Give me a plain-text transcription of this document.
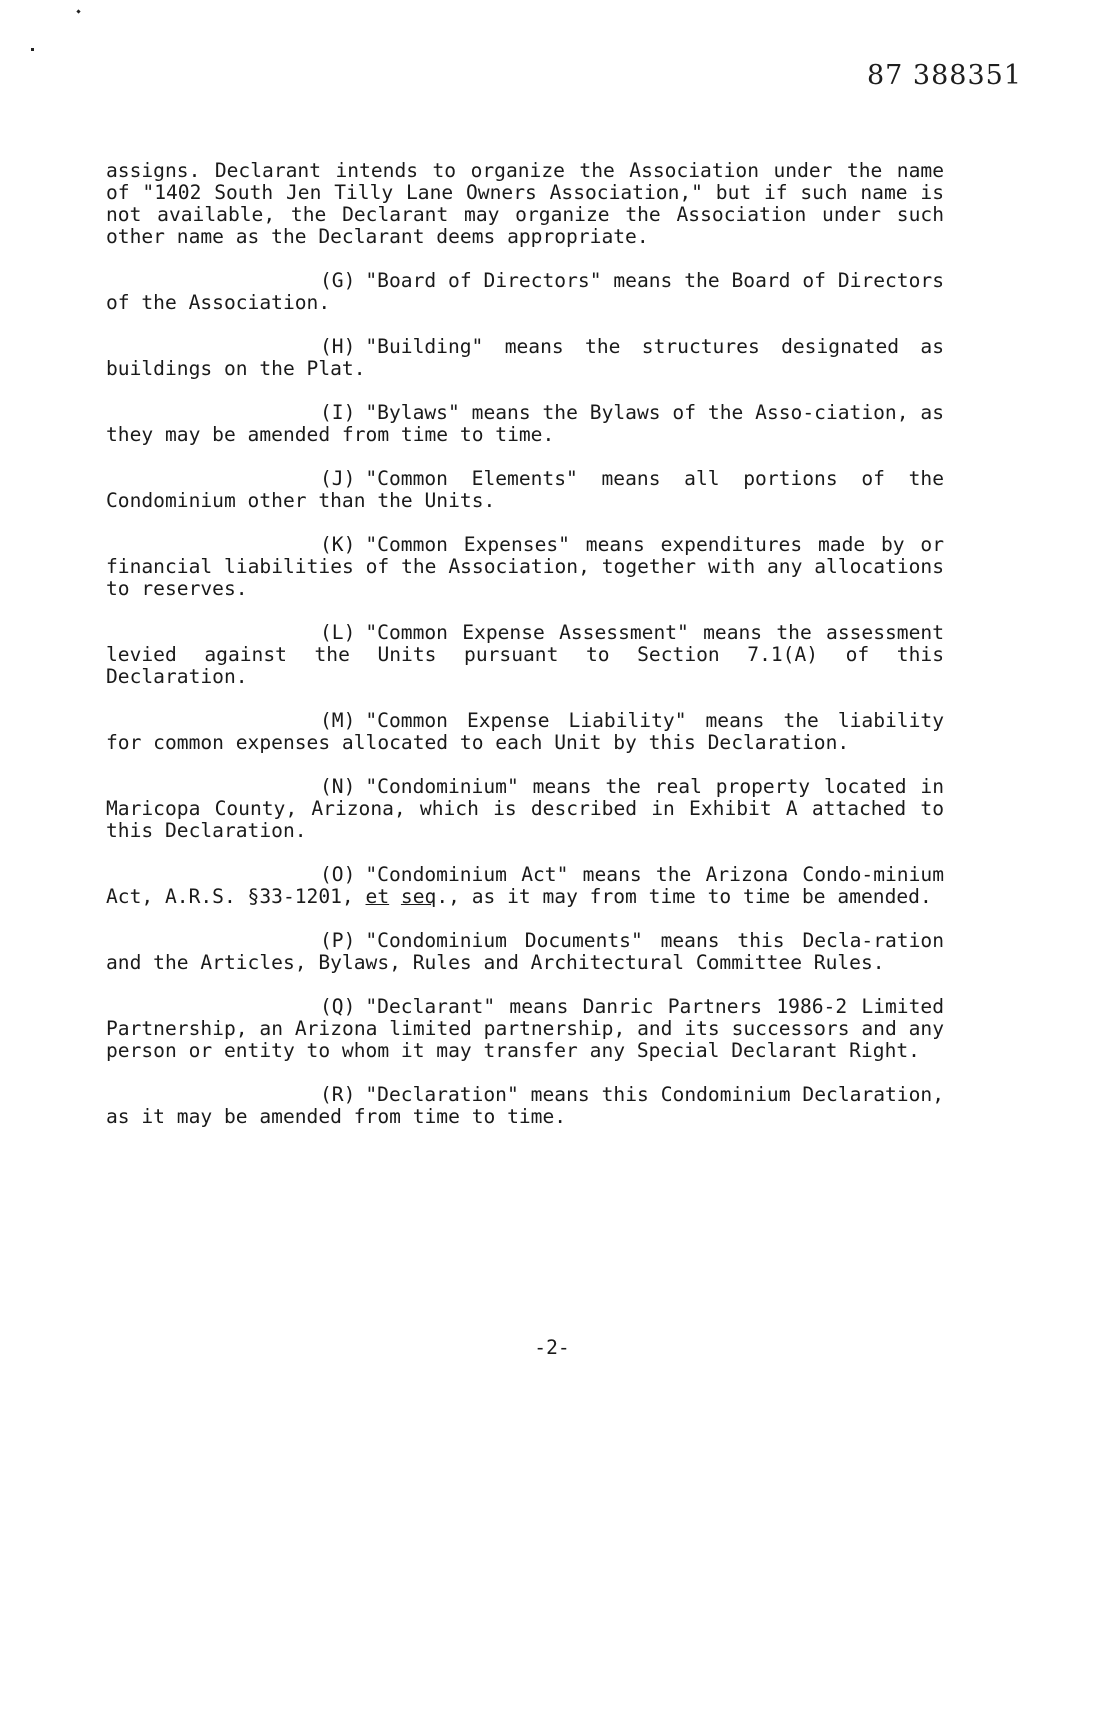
87 388351

assigns. Declarant intends to organize the Association under the name of "1402 South Jen Tilly Lane Owners Association," but if such name is not available, the Declarant may organize the Association under such other name as the Declarant deems appropriate.

(G) "Board of Directors" means the Board of Directors of the Association.

(H) "Building" means the structures designated as buildings on the Plat.

(I) "Bylaws" means the Bylaws of the Asso-ciation, as they may be amended from time to time.

(J) "Common Elements" means all portions of the Condominium other than the Units.

(K) "Common Expenses" means expenditures made by or financial liabilities of the Association, together with any allocations to reserves.

(L) "Common Expense Assessment" means the assessment levied against the Units pursuant to Section 7.1(A) of this Declaration.

(M) "Common Expense Liability" means the liability for common expenses allocated to each Unit by this Declaration.

(N) "Condominium" means the real property located in Maricopa County, Arizona, which is described in Exhibit A attached to this Declaration.

(O) "Condominium Act" means the Arizona Condo-minium Act, A.R.S. §33-1201, et seq., as it may from time to time be amended.

(P) "Condominium Documents" means this Decla-ration and the Articles, Bylaws, Rules and Architectural Committee Rules.

(Q) "Declarant" means Danric Partners 1986-2 Limited Partnership, an Arizona limited partnership, and its successors and any person or entity to whom it may transfer any Special Declarant Right.

(R) "Declaration" means this Condominium Declaration, as it may be amended from time to time.

-2-
